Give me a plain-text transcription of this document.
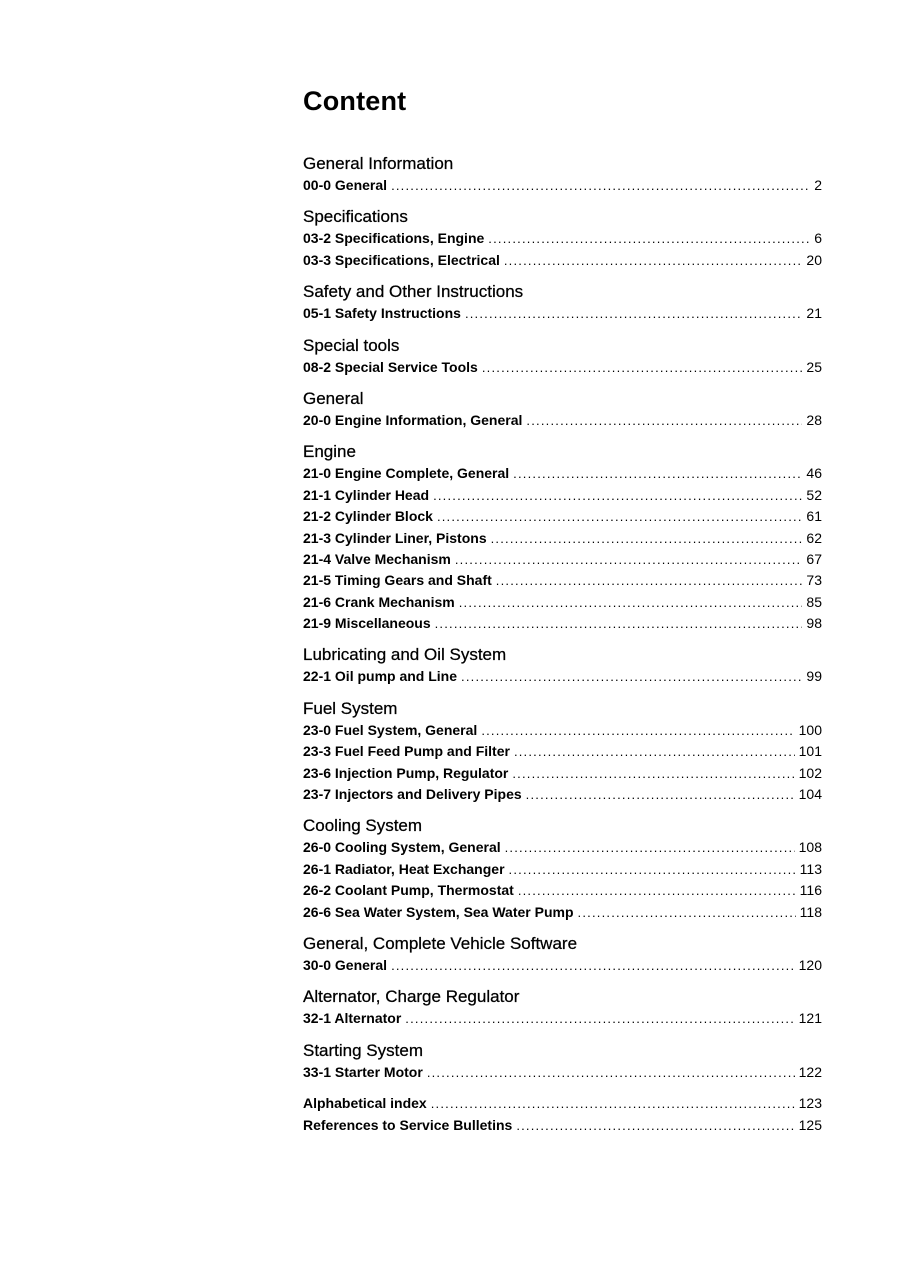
Content
General Information
00-0 General .....	2
Specifications
03-2 Specifications, Engine .....	6
03-3 Specifications, Electrical .....	20
Safety and Other Instructions
05-1 Safety Instructions .....	21
Special tools
08-2 Special Service Tools .....	25
General
20-0 Engine Information, General .....	28
Engine
21-0 Engine Complete, General .....	46
21-1 Cylinder Head .....	52
21-2 Cylinder Block .....	61
21-3 Cylinder Liner, Pistons .....	62
21-4 Valve Mechanism .....	67
21-5 Timing Gears and Shaft .....	73
21-6 Crank Mechanism .....	85
21-9 Miscellaneous .....	98
Lubricating and Oil System
22-1 Oil pump and Line .....	99
Fuel System
23-0 Fuel System, General .....	100
23-3 Fuel Feed Pump and Filter .....	101
23-6 Injection Pump, Regulator .....	102
23-7 Injectors and Delivery Pipes .....	104
Cooling System
26-0 Cooling System, General .....	108
26-1 Radiator, Heat Exchanger .....	113
26-2 Coolant Pump, Thermostat .....	116
26-6 Sea Water System, Sea Water Pump .....	118
General, Complete Vehicle Software
30-0 General .....	120
Alternator, Charge Regulator
32-1 Alternator .....	121
Starting System
33-1 Starter Motor .....	122
Alphabetical index .....	123
References to Service Bulletins .....	125
